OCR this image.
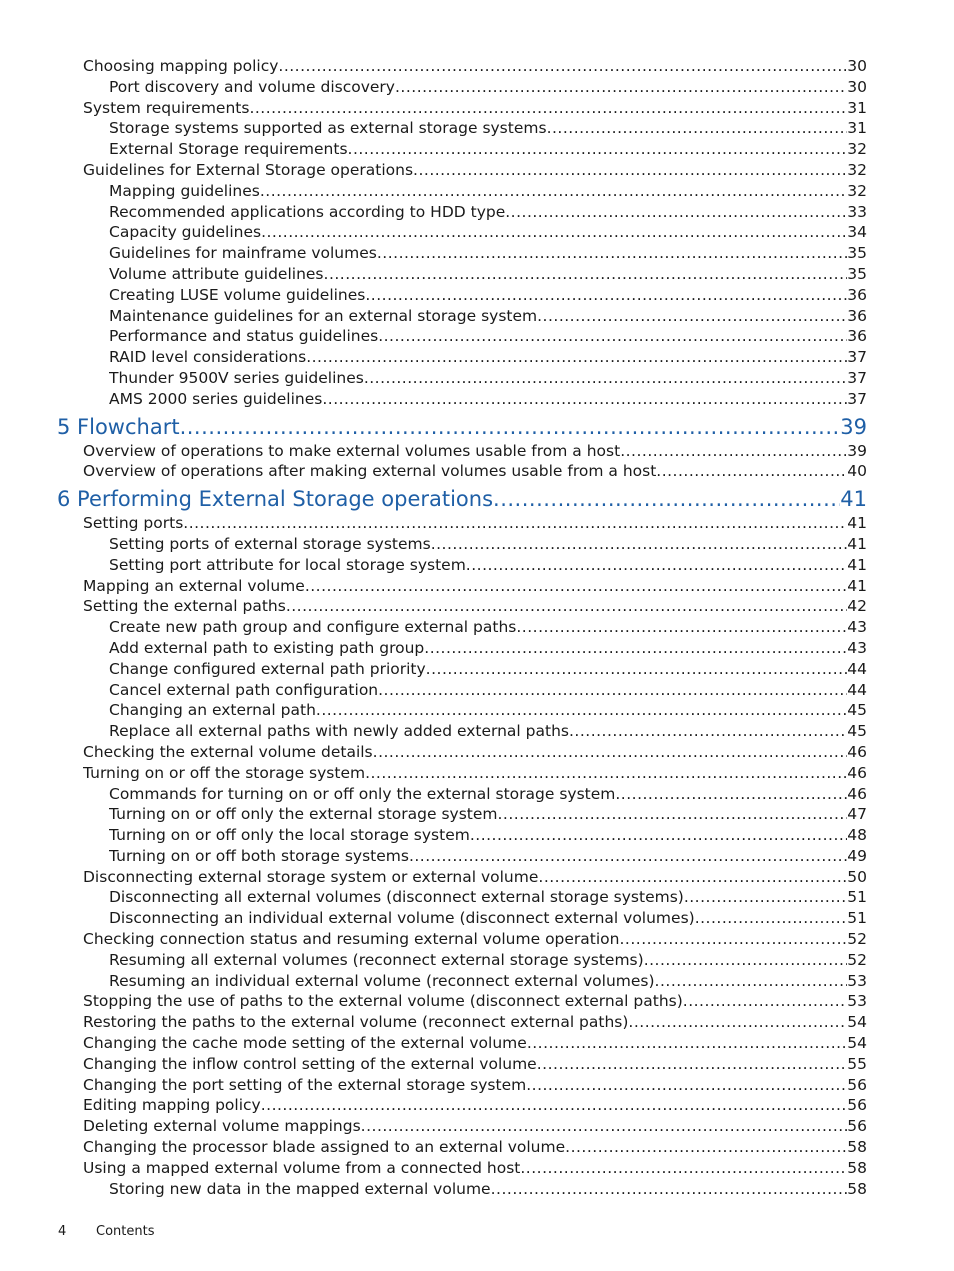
Choosing mapping policy .....	30
Port discovery and volume discovery .....	30
System requirements .....	31
Storage systems supported as external storage systems .....	31
External Storage requirements .....	32
Guidelines for External Storage operations .....	32
Mapping guidelines .....	32
Recommended applications according to HDD type .....	33
Capacity guidelines .....	34
Guidelines for mainframe volumes .....	35
Volume attribute guidelines .....	35
Creating LUSE volume guidelines .....	36
Maintenance guidelines for an external storage system .....	36
Performance and status guidelines .....	36
RAID level considerations .....	37
Thunder 9500V series guidelines .....	37
AMS 2000 series guidelines .....	37
5 Flowchart .....	39
Overview of operations to make external volumes usable from a host .....	39
Overview of operations after making external volumes usable from a host .....	40
6 Performing External Storage operations .....	41
Setting ports .....	41
Setting ports of external storage systems .....	41
Setting port attribute for local storage system .....	41
Mapping an external volume .....	41
Setting the external paths .....	42
Create new path group and configure external paths .....	43
Add external path to existing path group .....	43
Change configured external path priority .....	44
Cancel external path configuration .....	44
Changing an external path .....	45
Replace all external paths with newly added external paths .....	45
Checking the external volume details .....	46
Turning on or off the storage system .....	46
Commands for turning on or off only the external storage system .....	46
Turning on or off only the external storage system .....	47
Turning on or off only the local storage system .....	48
Turning on or off both storage systems .....	49
Disconnecting external storage system or external volume .....	50
Disconnecting all external volumes (disconnect external storage systems) .....	51
Disconnecting an individual external volume (disconnect external volumes) .....	51
Checking connection status and resuming external volume operation .....	52
Resuming all external volumes (reconnect external storage systems) .....	52
Resuming an individual external volume (reconnect external volumes) .....	53
Stopping the use of paths to the external volume (disconnect external paths) .....	53
Restoring the paths to the external volume (reconnect external paths) .....	54
Changing the cache mode setting of the external volume .....	54
Changing the inflow control setting of the external volume .....	55
Changing the port setting of the external storage system .....	56
Editing mapping policy .....	56
Deleting external volume mappings .....	56
Changing the processor blade assigned to an external volume .....	58
Using a mapped external volume from a connected host .....	58
Storing new data in the mapped external volume .....	58
4 Contents
